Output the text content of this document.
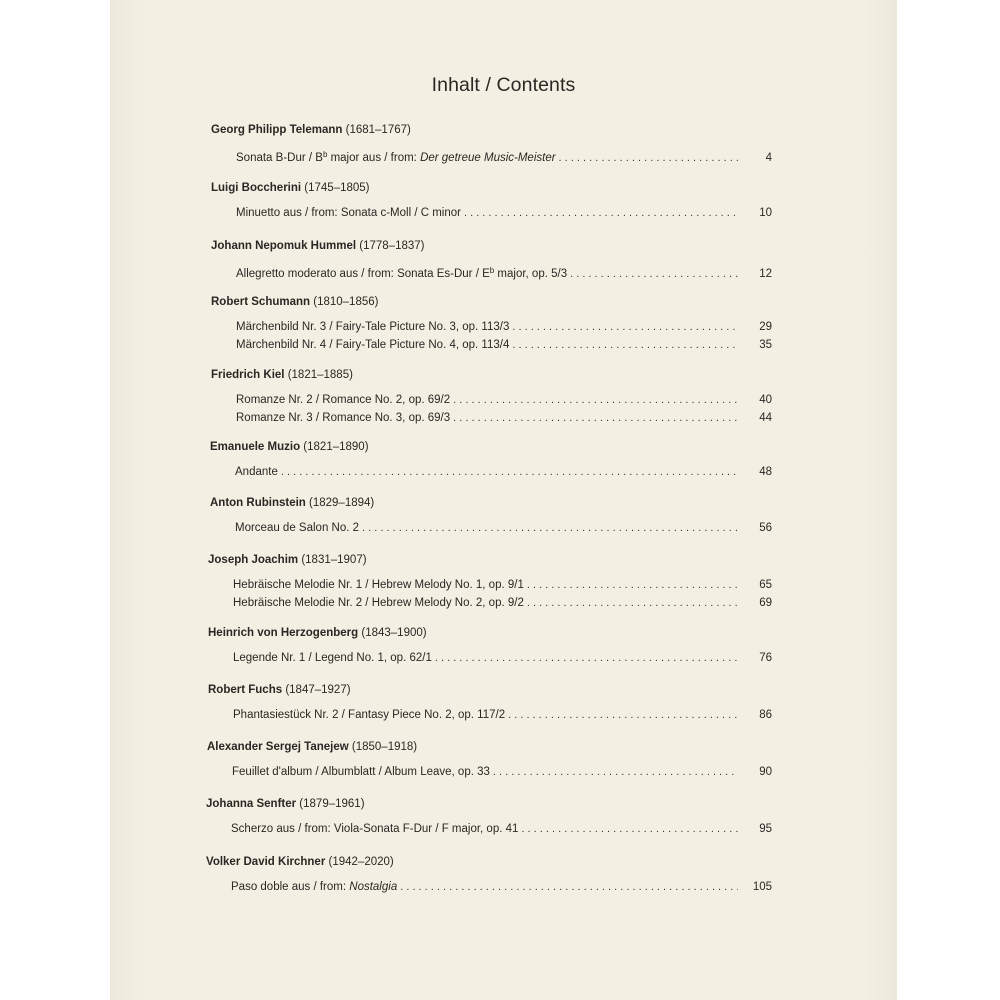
Inhalt / Contents
Georg Philipp Telemann (1681–1767)
Sonata $B-Dur / B^b$ major aus / from: Der getreue Music-Meister . . .	4
Luigi Boccherini (1745–1805)
Minuetto aus / from: Sonata c-Moll / C minor . . .	10
Johann Nepomuk Hummel (1778–1837)
Allegretto moderato aus / from: Sonata $Es-Dur / E^b$ major, op. 5/3 . . .	12
Robert Schumann (1810–1856)
Märchenbild Nr. 3 / Fairy-Tale Picture No. 3, op. 113/3 . . .	29
Märchenbild Nr. 4 / Fairy-Tale Picture No. 4, op. 113/4 . . .	35
Friedrich Kiel (1821–1885)
Romanze Nr. 2 / Romance No. 2, op. 69/2 . . .	40
Romanze Nr. 3 / Romance No. 3, op. 69/3 . . .	44
Emanuele Muzio (1821–1890)
Andante . . .	48
Anton Rubinstein (1829–1894)
Morceau de Salon No. 2 . . .	56
Joseph Joachim (1831–1907)
Hebräische Melodie Nr. 1 / Hebrew Melody No. 1, op. 9/1 . . .	65
Hebräische Melodie Nr. 2 / Hebrew Melody No. 2, op. 9/2 . . .	69
Heinrich von Herzogenberg (1843–1900)
Legende Nr. 1 / Legend No. 1, op. 62/1 . . .	76
Robert Fuchs (1847–1927)
Phantasiestück Nr. 2 / Fantasy Piece No. 2, op. 117/2 . . .	86
Alexander Sergej Tanejew (1850–1918)
Feuillet d'album / Albumblatt / Album Leave, op. 33 . . .	90
Johanna Senfter (1879–1961)
Scherzo aus / from: Viola-Sonata F-Dur / F major, op. 41 . . .	95
Volker David Kirchner (1942–2020)
Paso doble aus / from: Nostalgia . . .	105
